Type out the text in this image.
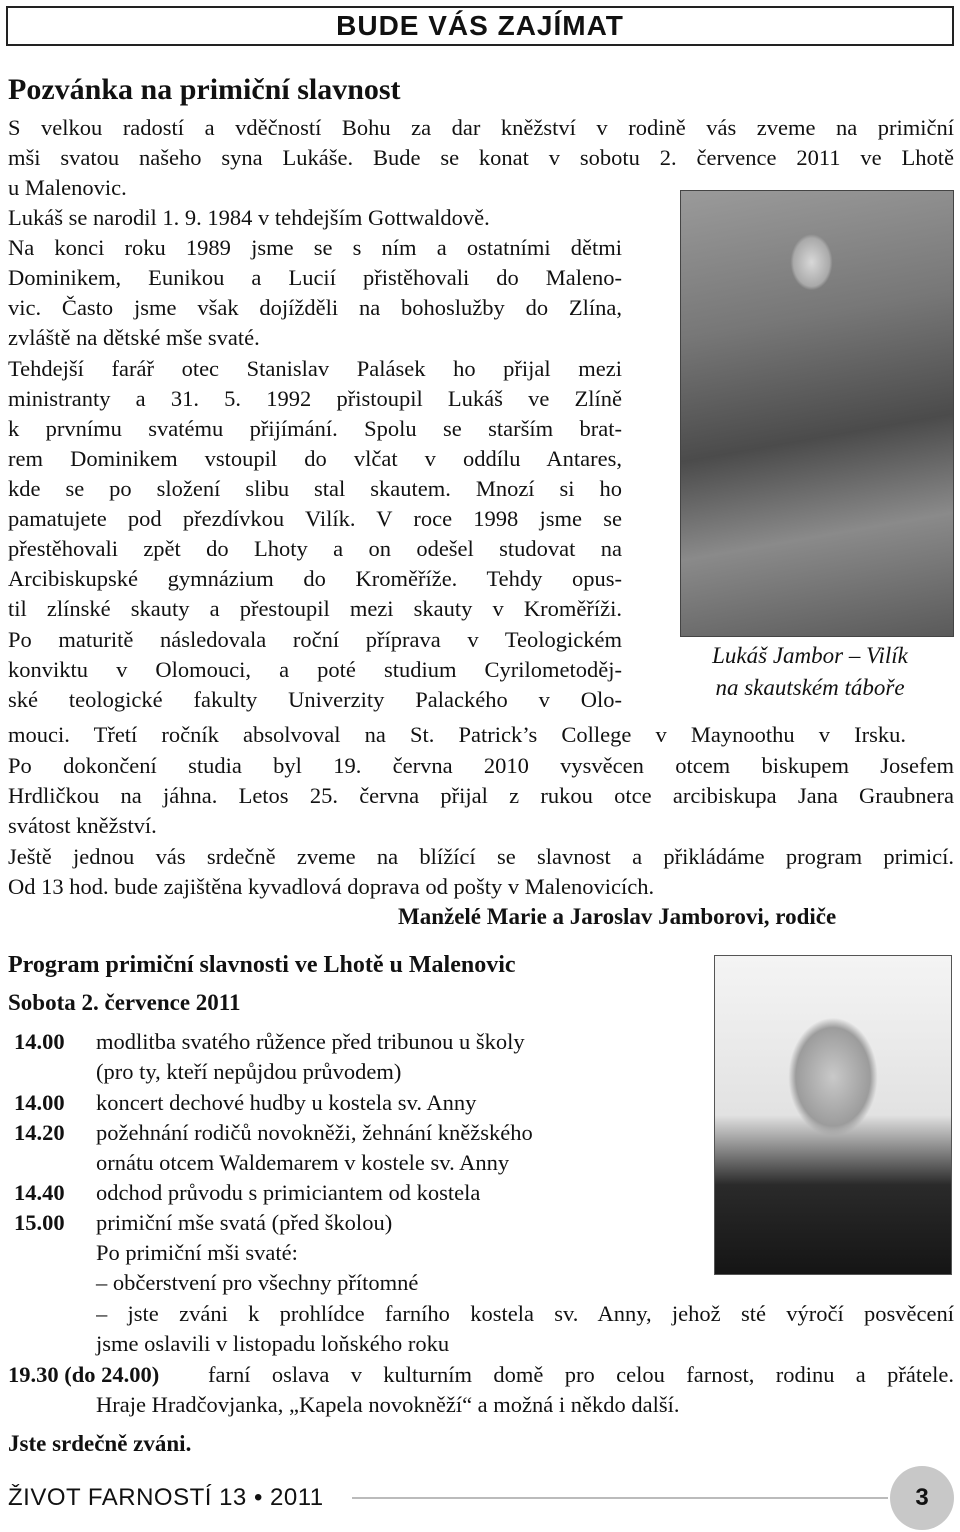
BUDE VÁS ZAJÍMAT
Pozvánka na primiční slavnost
S velkou radostí a vděčností Bohu za dar kněžství v rodině vás zveme na primiční
mši svatou našeho syna Lukáše. Bude se konat v sobotu 2. července 2011 ve Lhotě
u Malenovic.
Lukáš se narodil 1. 9. 1984 v tehdejším Gottwaldově.
Na konci roku 1989 jsme se s ním a ostatními dětmi
Dominikem, Eunikou a Lucií přistěhovali do Maleno-
vic. Často jsme však dojížděli na bohoslužby do Zlína,
zvláště na dětské mše svaté.
Tehdejší farář otec Stanislav Palásek ho přijal mezi
ministranty a 31. 5. 1992 přistoupil Lukáš ve Zlíně
k prvnímu svatému přijímání. Spolu se starším brat-
rem Dominikem vstoupil do vlčat v oddílu Antares,
kde se po složení slibu stal skautem. Mnozí si ho
pamatujete pod přezdívkou Vilík. V roce 1998 jsme se
přestěhovali zpět do Lhoty a on odešel studovat na
Arcibiskupské gymnázium do Kroměříže. Tehdy opus-
til zlínské skauty a přestoupil mezi skauty v Kroměříži.
Po maturitě následovala roční příprava v Teologickém
konviktu v Olomouci, a poté studium Cyrilometoděj-
ské teologické fakulty Univerzity Palackého v Olo-
mouci. Třetí ročník absolvoval na St. Patrick’s College v Maynoothu v Irsku.
Po dokončení studia byl 19. června 2010 vysvěcen otcem biskupem Josefem
Hrdličkou na jáhna. Letos 25. června přijal z rukou otce arcibiskupa Jana Graubnera
svátost kněžství.
Ještě jednou vás srdečně zveme na blížící se slavnost a přikládáme program primicí.
Od 13 hod. bude zajištěna kyvadlová doprava od pošty v Malenovicích.
Manželé Marie a Jaroslav Jamborovi, rodiče
Lukáš Jambor – Vilík
na skautském táboře
Program primiční slavnosti ve Lhotě u Malenovic
Sobota 2. července 2011
14.00 modlitba svatého růžence před tribunou u školy
(pro ty, kteří nepůjdou průvodem)
14.00 koncert dechové hudby u kostela sv. Anny
14.20 požehnání rodičů novokněži, žehnání kněžského
ornátu otcem Waldemarem v kostele sv. Anny
14.40 odchod průvodu s primiciantem od kostela
15.00 primiční mše svatá (před školou)
Po primiční mši svaté:
– občerstvení pro všechny přítomné
– jste zváni k prohlídce farního kostela sv. Anny, jehož sté výročí posvěcení
jsme oslavili v listopadu loňského roku
19.30 (do 24.00) farní oslava v kulturním domě pro celou farnost, rodinu a přátele.
Hraje Hradčovjanka, „Kapela novokněží“ a možná i někdo další.
Jste srdečně zváni.
ŽIVOT FARNOSTÍ 13 • 2011	3
